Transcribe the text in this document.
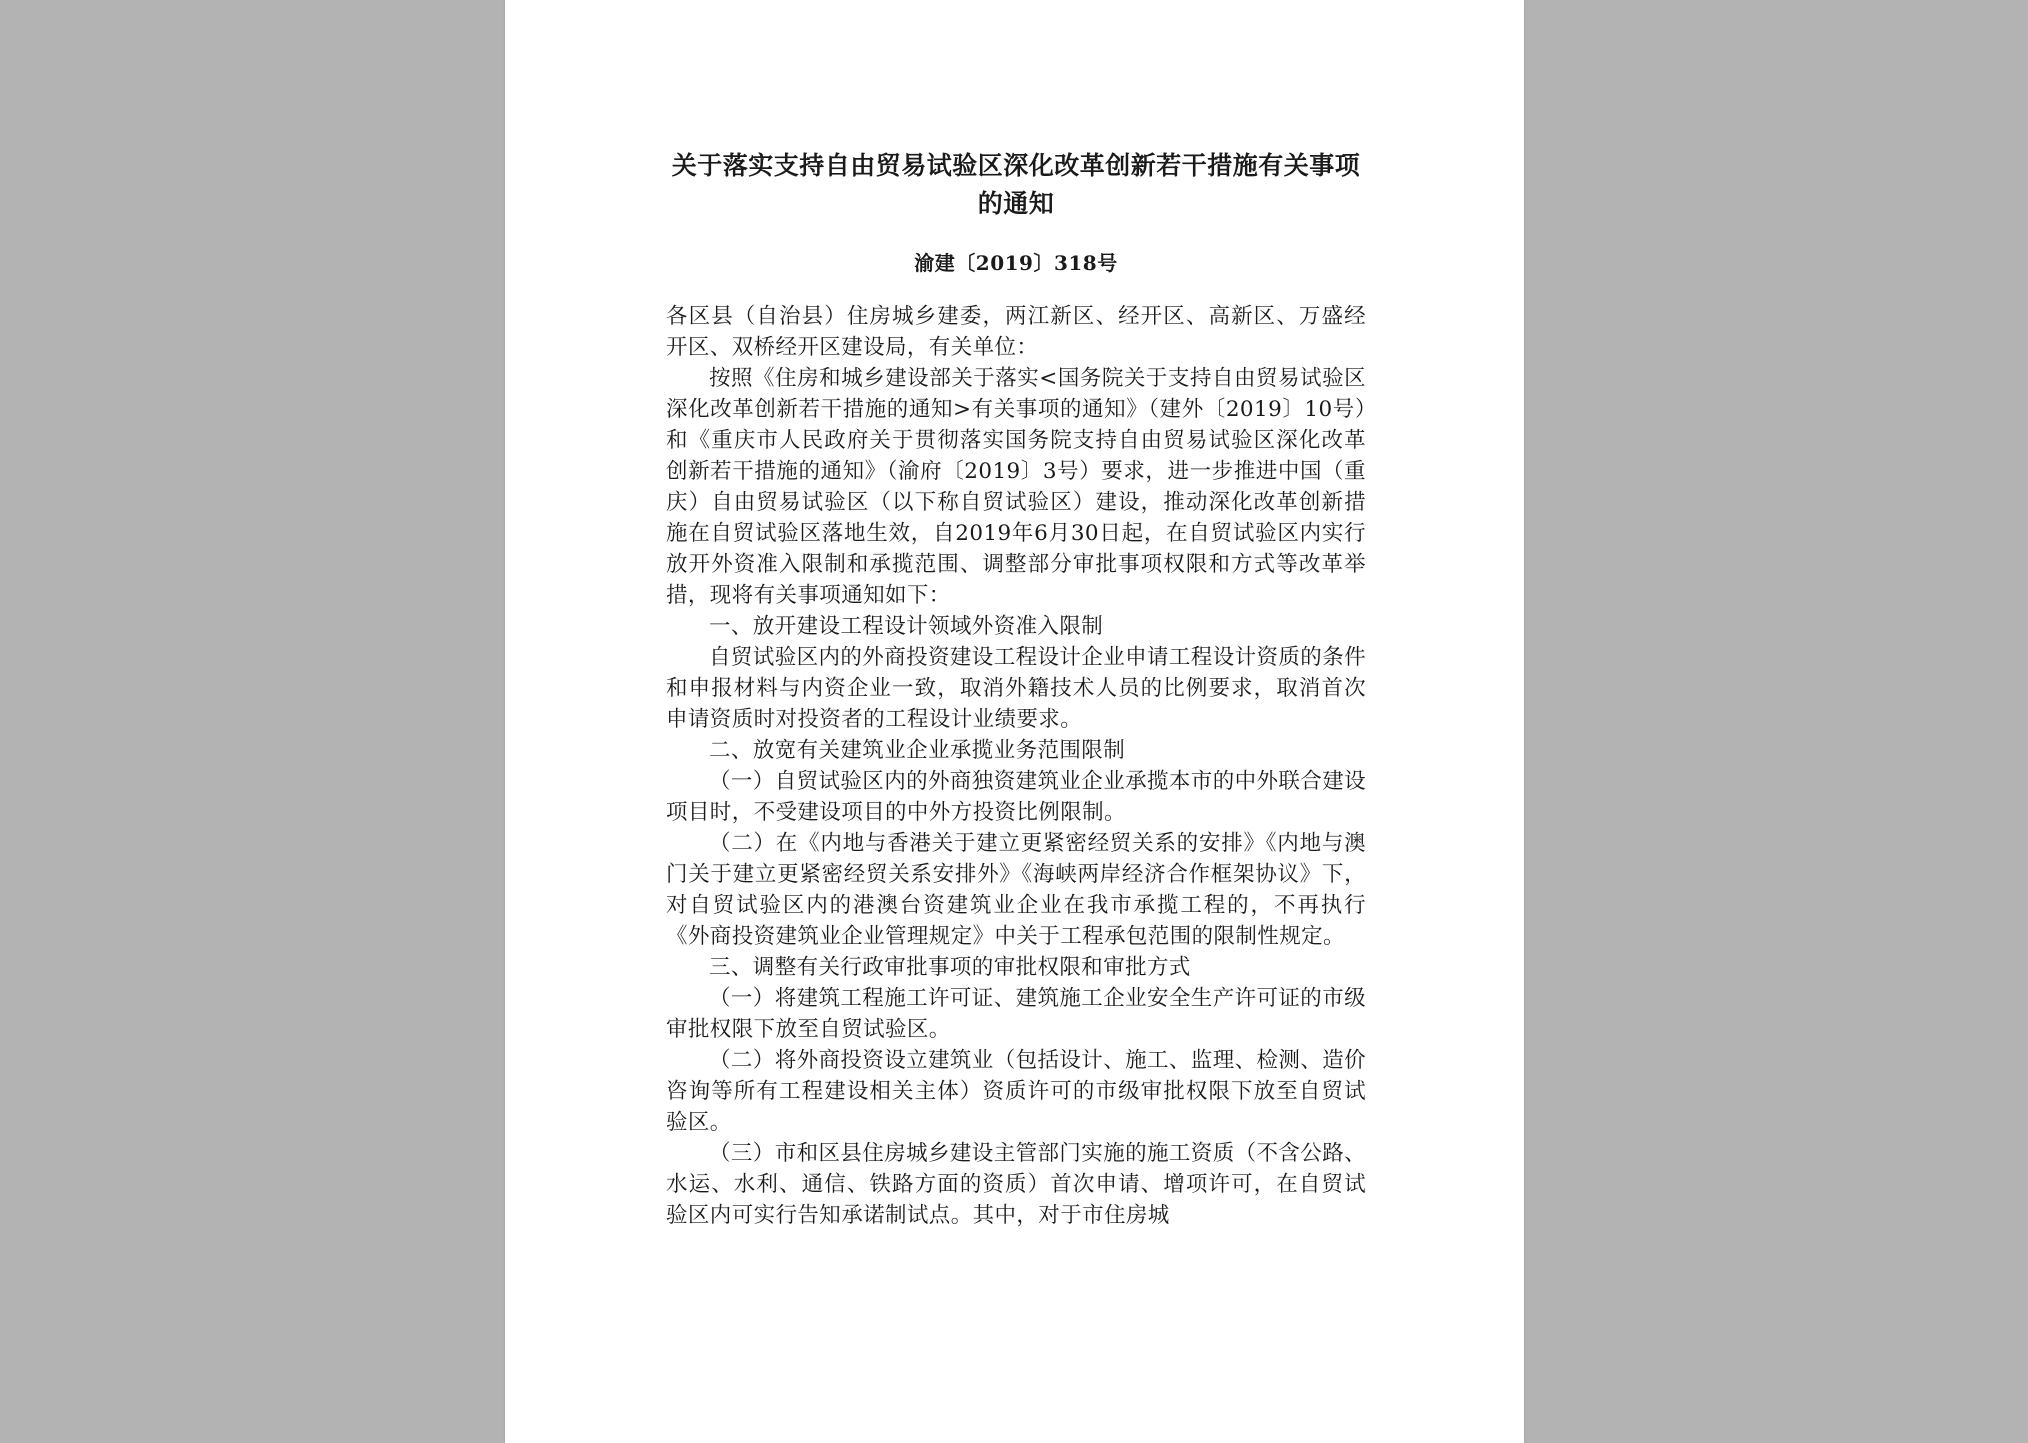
关于落实支持自由贸易试验区深化改革创新若干措施有关事项的通知
渝建〔2019〕318号

各区县（自治县）住房城乡建委，两江新区、经开区、高新区、万盛经开区、双桥经开区建设局，有关单位：

按照《住房和城乡建设部关于落实<国务院关于支持自由贸易试验区深化改革创新若干措施的通知>有关事项的通知》（建外〔2019〕10号）和《重庆市人民政府关于贯彻落实国务院支持自由贸易试验区深化改革创新若干措施的通知》（渝府〔2019〕3号）要求，进一步推进中国（重庆）自由贸易试验区（以下称自贸试验区）建设，推动深化改革创新措施在自贸试验区落地生效，自2019年6月30日起，在自贸试验区内实行放开外资准入限制和承揽范围、调整部分审批事项权限和方式等改革举措，现将有关事项通知如下：

一、放开建设工程设计领域外资准入限制

自贸试验区内的外商投资建设工程设计企业申请工程设计资质的条件和申报材料与内资企业一致，取消外籍技术人员的比例要求，取消首次申请资质时对投资者的工程设计业绩要求。

二、放宽有关建筑业企业承揽业务范围限制

（一）自贸试验区内的外商独资建筑业企业承揽本市的中外联合建设项目时，不受建设项目的中外方投资比例限制。

（二）在《内地与香港关于建立更紧密经贸关系的安排》《内地与澳门关于建立更紧密经贸关系安排外》《海峡两岸经济合作框架协议》下，对自贸试验区内的港澳台资建筑业企业在我市承揽工程的，不再执行《外商投资建筑业企业管理规定》中关于工程承包范围的限制性规定。

三、调整有关行政审批事项的审批权限和审批方式

（一）将建筑工程施工许可证、建筑施工企业安全生产许可证的市级审批权限下放至自贸试验区。

（二）将外商投资设立建筑业（包括设计、施工、监理、检测、造价咨询等所有工程建设相关主体）资质许可的市级审批权限下放至自贸试验区。

（三）市和区县住房城乡建设主管部门实施的施工资质（不含公路、水运、水利、通信、铁路方面的资质）首次申请、增项许可，在自贸试验区内可实行告知承诺制试点。其中，对于市住房城
